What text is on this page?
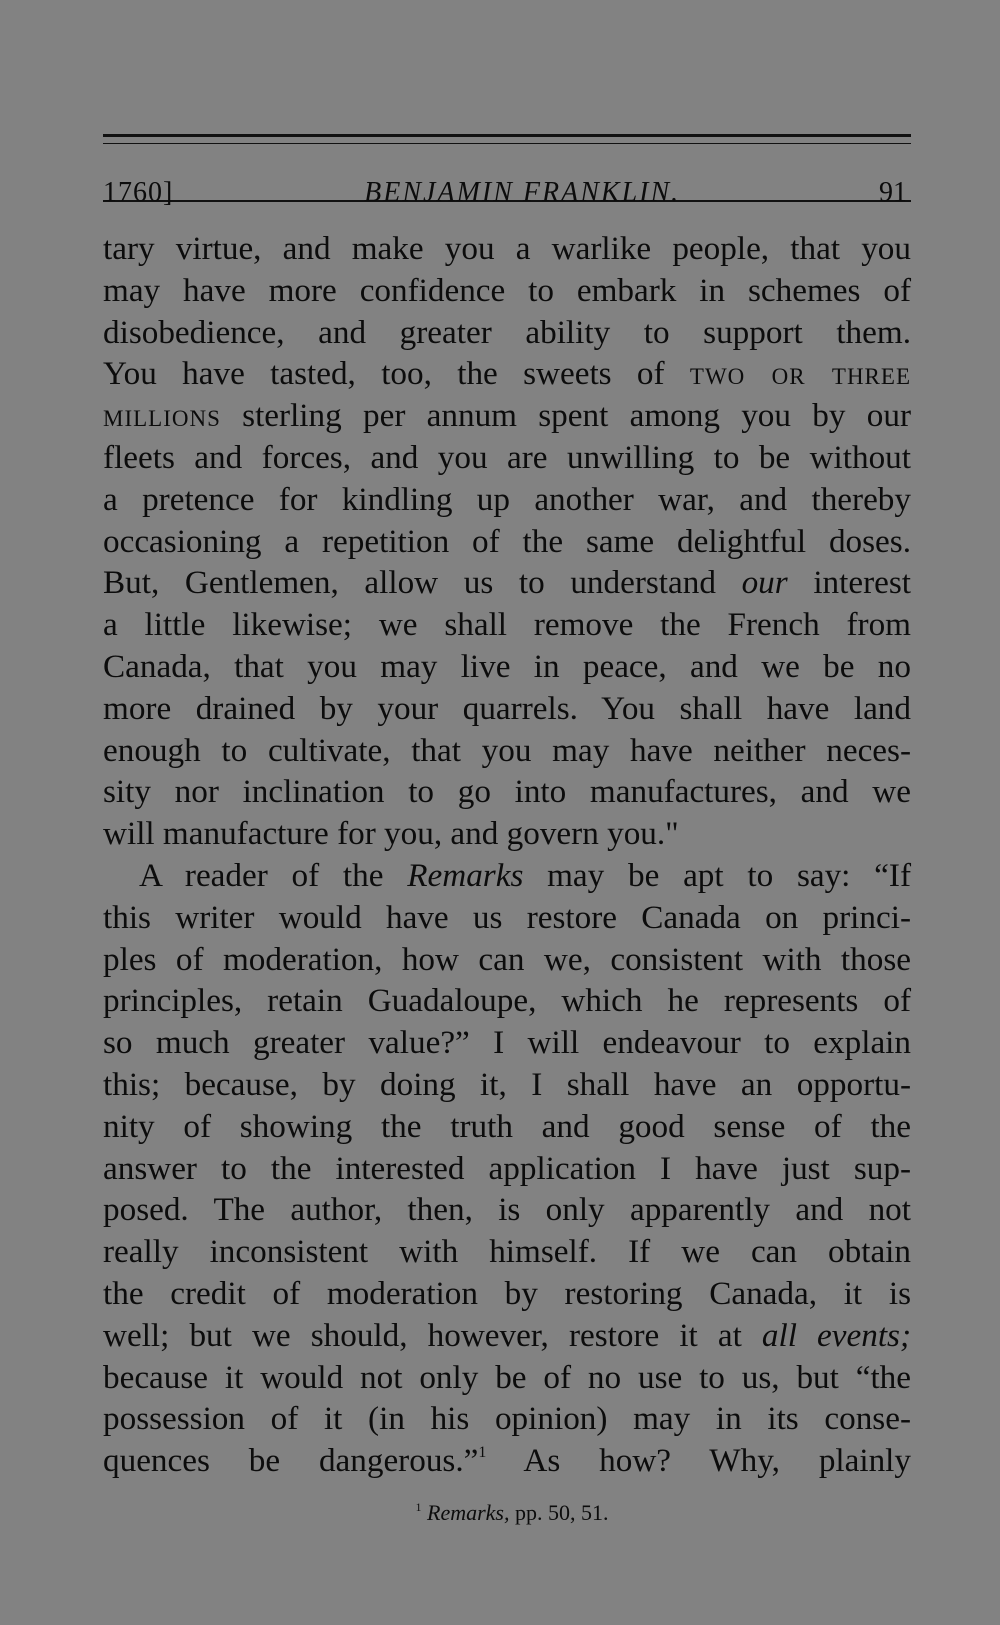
1760]	BENJAMIN FRANKLIN.	91
tary virtue, and make you a warlike people, that you
may have more confidence to embark in schemes of
disobedience, and greater ability to support them.
You have tasted, too, the sweets of two or three
millions sterling per annum spent among you by our
fleets and forces, and you are unwilling to be without
a pretence for kindling up another war, and thereby
occasioning a repetition of the same delightful doses.
But, Gentlemen, allow us to understand our interest
a little likewise; we shall remove the French from
Canada, that you may live in peace, and we be no
more drained by your quarrels. You shall have land
enough to cultivate, that you may have neither neces-
sity nor inclination to go into manufactures, and we
will manufacture for you, and govern you."
A reader of the Remarks may be apt to say: “If
this writer would have us restore Canada on princi-
ples of moderation, how can we, consistent with those
principles, retain Guadaloupe, which he represents of
so much greater value?” I will endeavour to explain
this; because, by doing it, I shall have an opportu-
nity of showing the truth and good sense of the
answer to the interested application I have just sup-
posed. The author, then, is only apparently and not
really inconsistent with himself. If we can obtain
the credit of moderation by restoring Canada, it is
well; but we should, however, restore it at all events;
because it would not only be of no use to us, but “the
possession of it (in his opinion) may in its conse-
quences be dangerous.”$^1$ As how? Why, plainly
$^1$ Remarks, pp. 50, 51.
